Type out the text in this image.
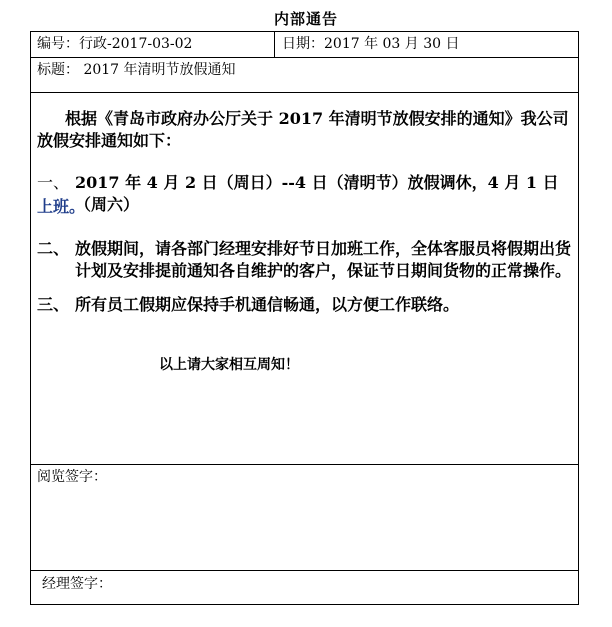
内部通告
编号：行政-2017-03-02	日期：2017 年 03 月 30 日
标题： 2017 年清明节放假通知
根据《青岛市政府办公厅关于 2017 年清明节放假安排的通知》我公司放假安排通知如下：
一、 2017 年 4 月 2 日（周日）--4 日（清明节）放假调休，4 月 1 日（周六）
上班。
二、 放假期间，请各部门经理安排好节日加班工作，全体客服员将假期出货计划及安排提前通知各自维护的客户，保证节日期间货物的正常操作。
三、 所有员工假期应保持手机通信畅通，以方便工作联络。
以上请大家相互周知！
阅览签字：
经理签字：
